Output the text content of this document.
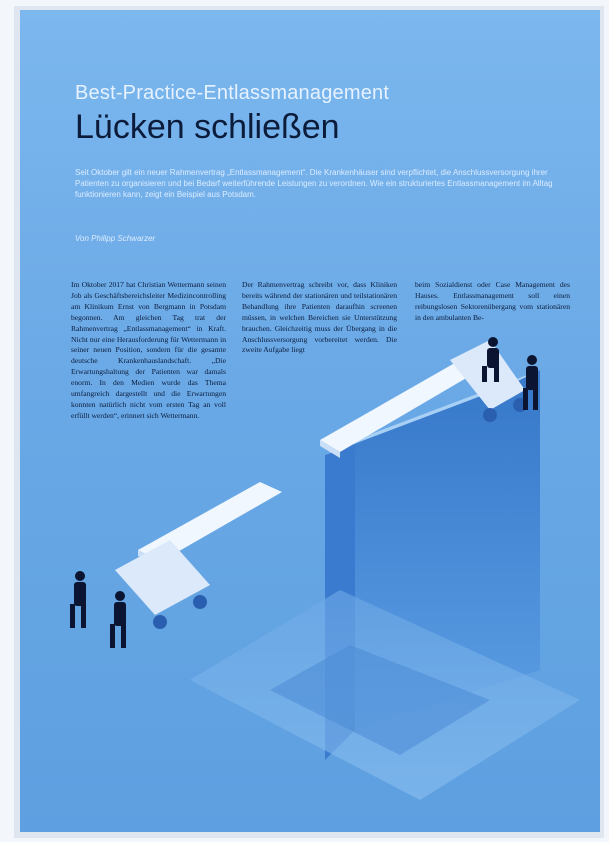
Best-Practice-Entlassmanagement
Lücken schließen
Seit Oktober gilt ein neuer Rahmenvertrag „Entlassmanagement“. Die Krankenhäuser sind verpflichtet, die Anschlussversorgung ihrer Patienten zu organisieren und bei Bedarf weiterführende Leistungen zu verordnen. Wie ein strukturiertes Entlassmanagement im Alltag funktionieren kann, zeigt ein Beispiel aus Potsdam.
Von Philipp Schwarzer
Im Oktober 2017 hat Christian Wettermann seinen Job als Geschäftsbereichsleiter Medizincontrolling am Klinikum Ernst von Bergmann in Potsdam begonnen. Am gleichen Tag trat der Rahmenvertrag „Entlassmanagement“ in Kraft. Nicht nur eine Herausforderung für Wettermann in seiner neuen Position, sondern für die gesamte deutsche Krankenhauslandschaft. „Die Erwartungshaltung der Patienten war damals enorm. In den Medien wurde das Thema umfangreich dargestellt und die Erwartungen konnten natürlich nicht vom ersten Tag an voll erfüllt werden“, erinnert sich Wettermann.
Der Rahmenvertrag schreibt vor, dass Kliniken bereits während der stationären und teilstationären Behandlung ihre Patienten daraufhin screenen müssen, in welchen Bereichen sie Unterstützung brauchen. Gleichzeitig muss der Übergang in die Anschlussversorgung vorbereitet werden. Die zweite Aufgabe liegt
beim Sozialdienst oder Case Management des Hauses. Entlassmanagement soll einen reibungslosen Sektorenübergang vom stationären in den ambulanten Be-
